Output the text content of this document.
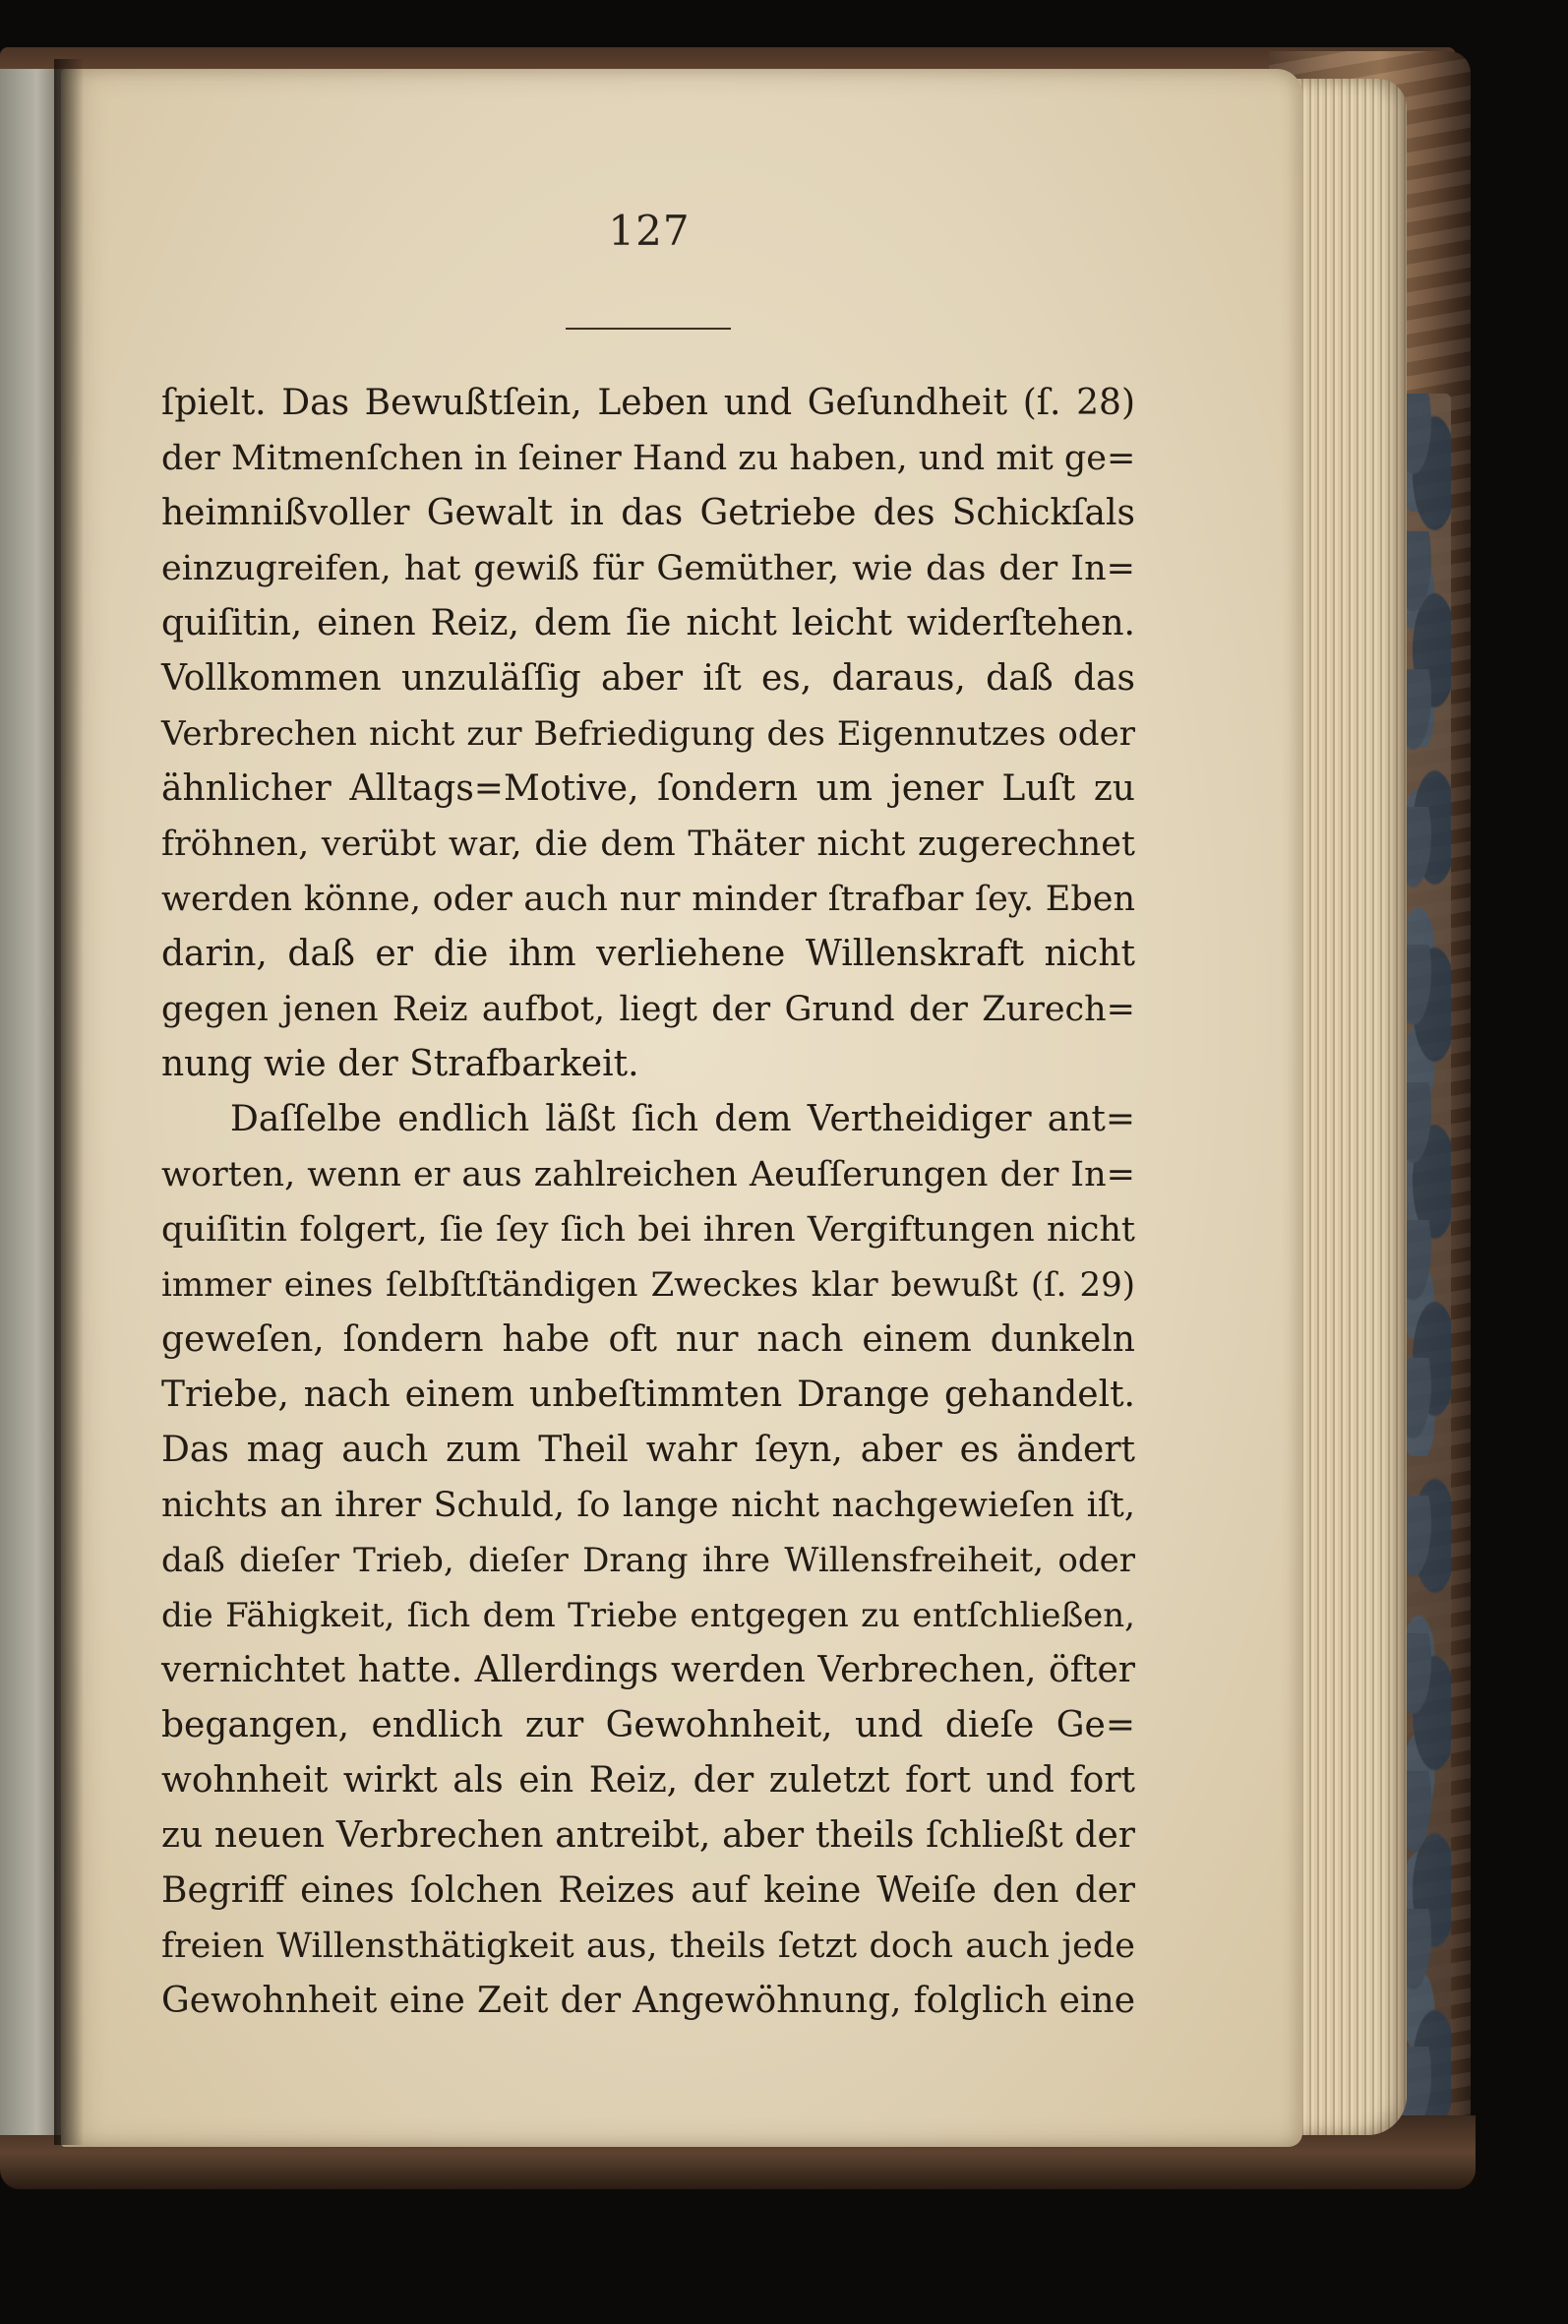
127
ſpielt. Das Bewußtſein, Leben und Geſundheit (ſ. 28)
der Mitmenſchen in ſeiner Hand zu haben, und mit ge=
heimnißvoller Gewalt in das Getriebe des Schickſals
einzugreifen, hat gewiß für Gemüther, wie das der In=
quiſitin, einen Reiz, dem ſie nicht leicht widerſtehen.
Vollkommen unzuläſſig aber iſt es, daraus, daß das
Verbrechen nicht zur Befriedigung des Eigennutzes oder
ähnlicher Alltags=Motive, ſondern um jener Luſt zu
fröhnen, verübt war, die dem Thäter nicht zugerechnet
werden könne, oder auch nur minder ſtrafbar ſey. Eben
darin, daß er die ihm verliehene Willenskraft nicht
gegen jenen Reiz aufbot, liegt der Grund der Zurech=
nung wie der Strafbarkeit.
Daſſelbe endlich läßt ſich dem Vertheidiger ant=
worten, wenn er aus zahlreichen Aeuſſerungen der In=
quiſitin folgert, ſie ſey ſich bei ihren Vergiftungen nicht
immer eines ſelbſtſtändigen Zweckes klar bewußt (ſ. 29)
geweſen, ſondern habe oft nur nach einem dunkeln
Triebe, nach einem unbeſtimmten Drange gehandelt.
Das mag auch zum Theil wahr ſeyn, aber es ändert
nichts an ihrer Schuld, ſo lange nicht nachgewieſen iſt,
daß dieſer Trieb, dieſer Drang ihre Willensfreiheit, oder
die Fähigkeit, ſich dem Triebe entgegen zu entſchließen,
vernichtet hatte. Allerdings werden Verbrechen, öfter
begangen, endlich zur Gewohnheit, und dieſe Ge=
wohnheit wirkt als ein Reiz, der zuletzt fort und fort
zu neuen Verbrechen antreibt, aber theils ſchließt der
Begriff eines ſolchen Reizes auf keine Weiſe den der
freien Willensthätigkeit aus, theils ſetzt doch auch jede
Gewohnheit eine Zeit der Angewöhnung, folglich eine
